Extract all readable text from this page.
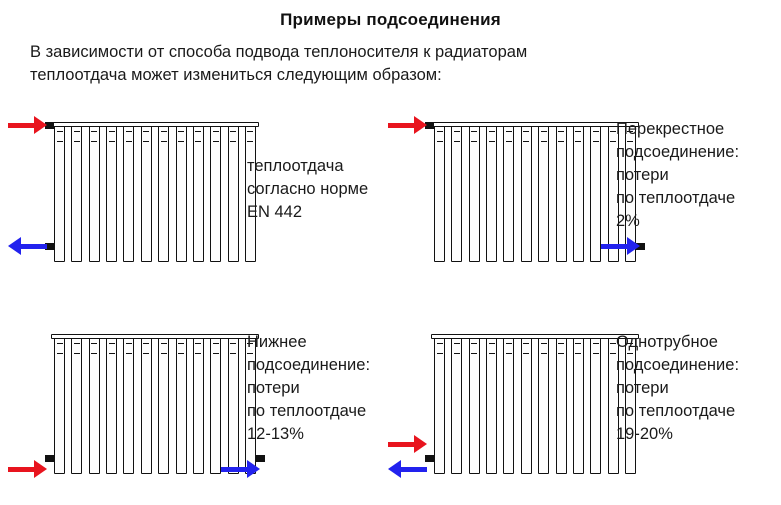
Примеры подсоединения
В зависимости от способа подвода теплоносителя к радиаторам
теплоотдача может измениться следующим образом:
теплоотдача
согласно норме
EN 442
Перекрестное
подсоединение:
потери
по теплоотдаче
2%
Нижнее
подсоединение:
потери
по теплоотдаче
12-13%
Однотрубное
подсоединение:
потери
по теплоотдаче
19-20%
